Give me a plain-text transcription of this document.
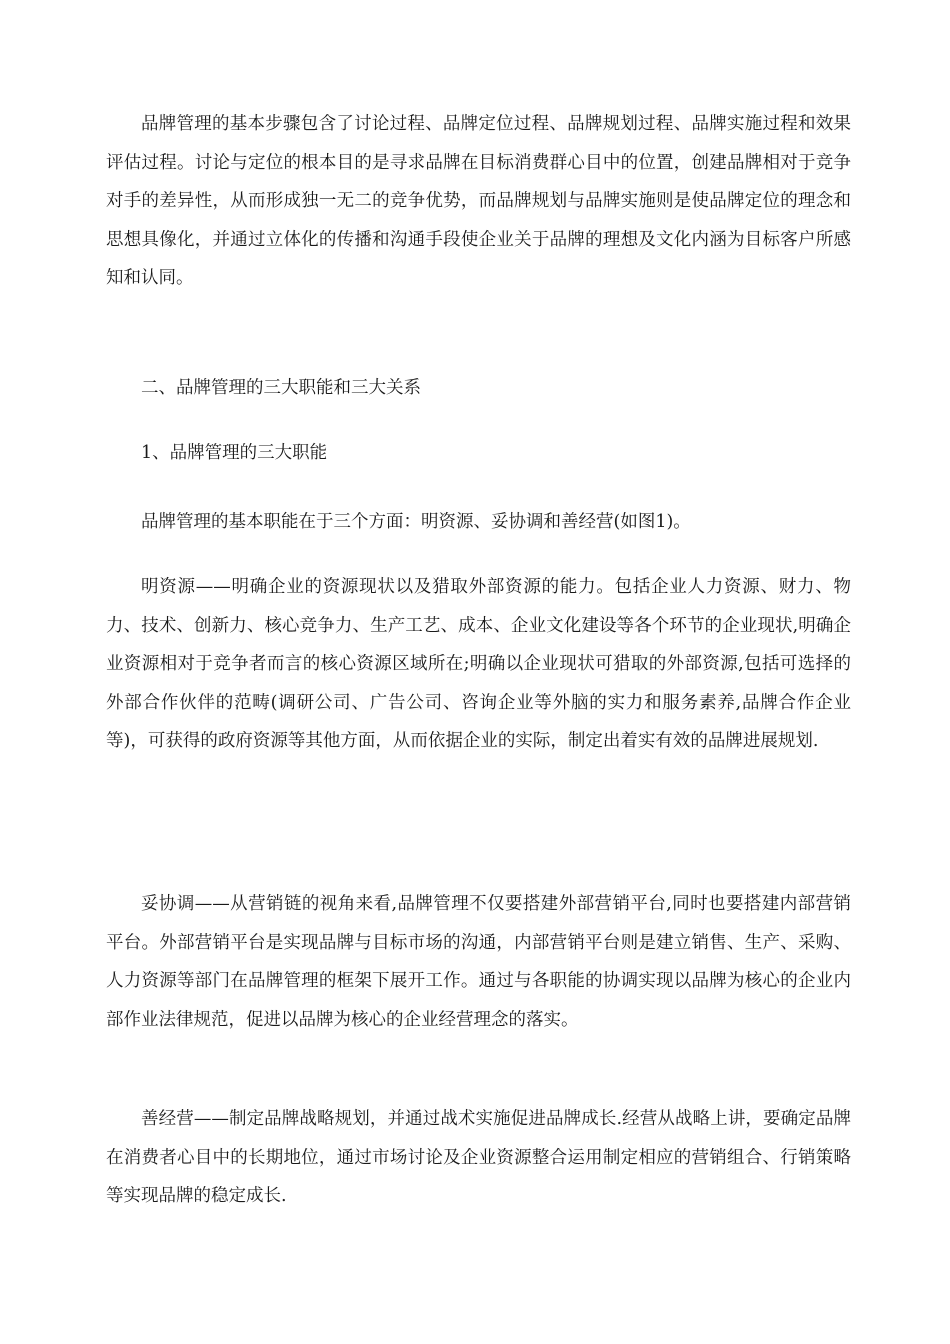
品牌管理的基本步骤包含了讨论过程、品牌定位过程、品牌规划过程、品牌实施过程和效果评估过程。讨论与定位的根本目的是寻求品牌在目标消费群心目中的位置，创建品牌相对于竞争对手的差异性，从而形成独一无二的竞争优势，而品牌规划与品牌实施则是使品牌定位的理念和思想具像化，并通过立体化的传播和沟通手段使企业关于品牌的理想及文化内涵为目标客户所感知和认同。

二、品牌管理的三大职能和三大关系

1、品牌管理的三大职能

品牌管理的基本职能在于三个方面：明资源、妥协调和善经营(如图1)。

明资源——明确企业的资源现状以及猎取外部资源的能力。包括企业人力资源、财力、物力、技术、创新力、核心竞争力、生产工艺、成本、企业文化建设等各个环节的企业现状,明确企业资源相对于竞争者而言的核心资源区域所在;明确以企业现状可猎取的外部资源,包括可选择的外部合作伙伴的范畴(调研公司、广告公司、咨询企业等外脑的实力和服务素养,品牌合作企业等)，可获得的政府资源等其他方面，从而依据企业的实际，制定出着实有效的品牌进展规划.

妥协调——从营销链的视角来看,品牌管理不仅要搭建外部营销平台,同时也要搭建内部营销平台。外部营销平台是实现品牌与目标市场的沟通，内部营销平台则是建立销售、生产、采购、人力资源等部门在品牌管理的框架下展开工作。通过与各职能的协调实现以品牌为核心的企业内部作业法律规范，促进以品牌为核心的企业经营理念的落实。

善经营——制定品牌战略规划，并通过战术实施促进品牌成长.经营从战略上讲，要确定品牌在消费者心目中的长期地位，通过市场讨论及企业资源整合运用制定相应的营销组合、行销策略等实现品牌的稳定成长.
